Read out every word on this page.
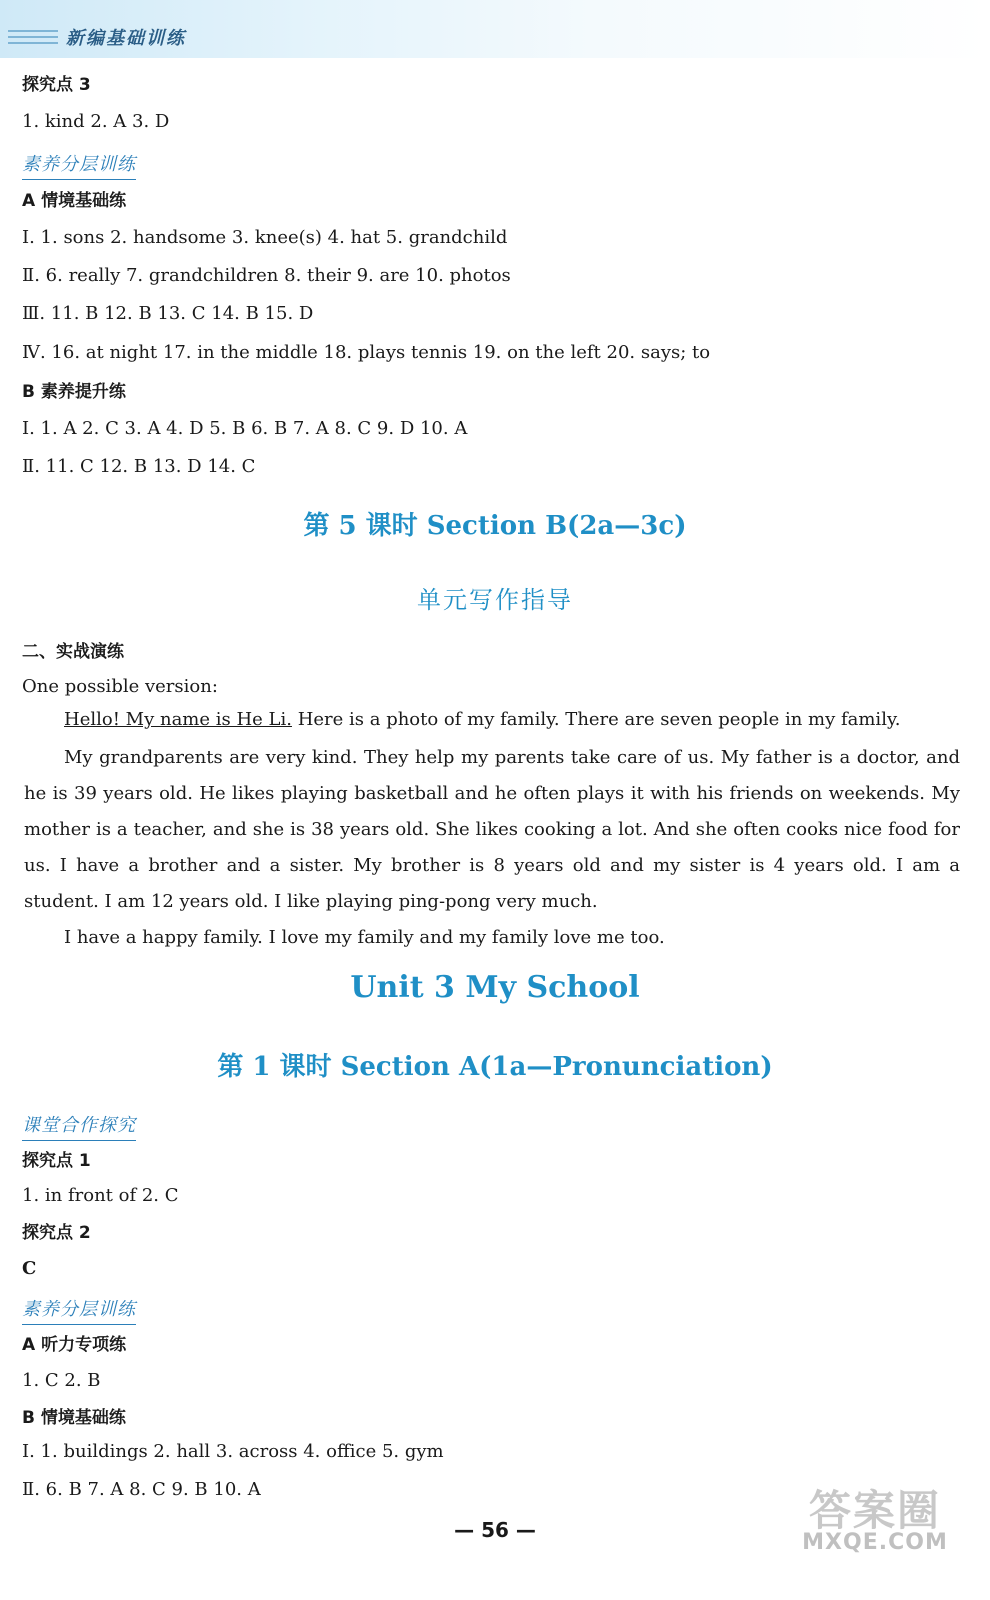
新编基础训练
探究点 3
1. kind 2. A 3. D
素养分层训练
A 情境基础练
Ⅰ. 1. sons 2. handsome 3. knee(s) 4. hat 5. grandchild
Ⅱ. 6. really 7. grandchildren 8. their 9. are 10. photos
Ⅲ. 11. B 12. B 13. C 14. B 15. D
Ⅳ. 16. at night 17. in the middle 18. plays tennis 19. on the left 20. says; to
B 素养提升练
Ⅰ. 1. A 2. C 3. A 4. D 5. B 6. B 7. A 8. C 9. D 10. A
Ⅱ. 11. C 12. B 13. D 14. C
第 5 课时 Section B(2a—3c)
单元写作指导
二、实战演练
One possible version:
Hello! My name is He Li. Here is a photo of my family. There are seven people in my family.
My grandparents are very kind. They help my parents take care of us. My father is a doctor, and he is 39 years old. He likes playing basketball and he often plays it with his friends on weekends. My mother is a teacher, and she is 38 years old. She likes cooking a lot. And she often cooks nice food for us. I have a brother and a sister. My brother is 8 years old and my sister is 4 years old. I am a student. I am 12 years old. I like playing ping-pong very much.
I have a happy family. I love my family and my family love me too.
Unit 3 My School
第 1 课时 Section A(1a—Pronunciation)
课堂合作探究
探究点 1
1. in front of 2. C
探究点 2
C
素养分层训练
A 听力专项练
1. C 2. B
B 情境基础练
Ⅰ. 1. buildings 2. hall 3. across 4. office 5. gym
Ⅱ. 6. B 7. A 8. C 9. B 10. A
— 56 —	答案圈
MXQE.COM
